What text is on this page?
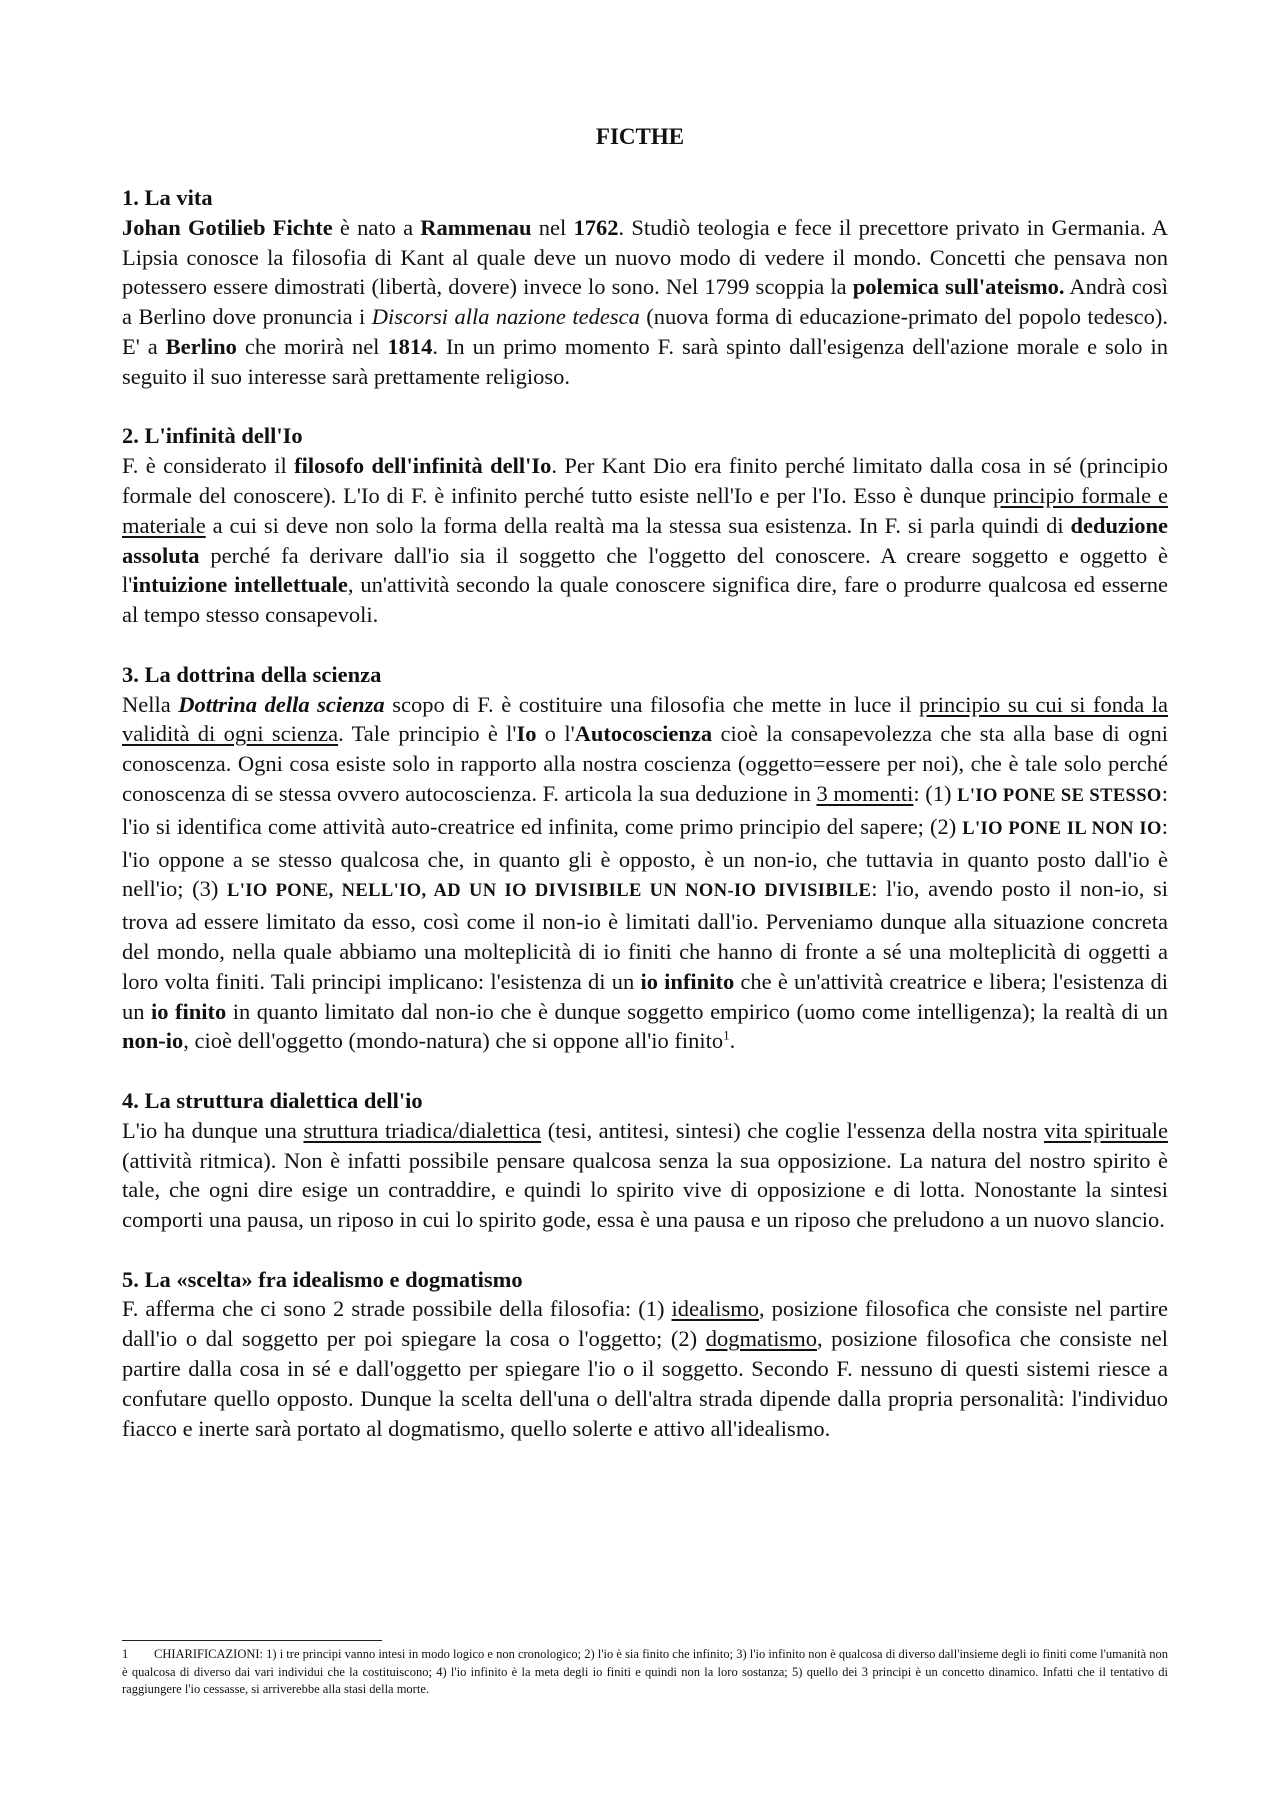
FICTHE
1. La vita

Johan Gotilieb Fichte è nato a Rammenau nel 1762. Studiò teologia e fece il precettore privato in Germania. A Lipsia conosce la filosofia di Kant al quale deve un nuovo modo di vedere il mondo. Concetti che pensava non potessero essere dimostrati (libertà, dovere) invece lo sono. Nel 1799 scoppia la polemica sull'ateismo. Andrà così a Berlino dove pronuncia i Discorsi alla nazione tedesca (nuova forma di educazione-primato del popolo tedesco). E' a Berlino che morirà nel 1814. In un primo momento F. sarà spinto dall'esigenza dell'azione morale e solo in seguito il suo interesse sarà prettamente religioso.

2. L'infinità dell'Io

F. è considerato il filosofo dell'infinità dell'Io. Per Kant Dio era finito perché limitato dalla cosa in sé (principio formale del conoscere). L'Io di F. è infinito perché tutto esiste nell'Io e per l'Io. Esso è dunque principio formale e materiale a cui si deve non solo la forma della realtà ma la stessa sua esistenza. In F. si parla quindi di deduzione assoluta perché fa derivare dall'io sia il soggetto che l'oggetto del conoscere. A creare soggetto e oggetto è l'intuizione intellettuale, un'attività secondo la quale conoscere significa dire, fare o produrre qualcosa ed esserne al tempo stesso consapevoli.

3. La dottrina della scienza

Nella Dottrina della scienza scopo di F. è costituire una filosofia che mette in luce il principio su cui si fonda la validità di ogni scienza. Tale principio è l'Io o l'Autocoscienza cioè la consapevolezza che sta alla base di ogni conoscenza. Ogni cosa esiste solo in rapporto alla nostra coscienza (oggetto=essere per noi), che è tale solo perché conoscenza di se stessa ovvero autocoscienza. F. articola la sua deduzione in 3 momenti: (1) L'IO PONE SE STESSO: l'io si identifica come attività auto-creatrice ed infinita, come primo principio del sapere; (2) L'IO PONE IL NON IO: l'io oppone a se stesso qualcosa che, in quanto gli è opposto, è un non-io, che tuttavia in quanto posto dall'io è nell'io; (3) L'IO PONE, NELL'IO, AD UN IO DIVISIBILE UN NON-IO DIVISIBILE: l'io, avendo posto il non-io, si trova ad essere limitato da esso, così come il non-io è limitati dall'io. Perveniamo dunque alla situazione concreta del mondo, nella quale abbiamo una molteplicità di io finiti che hanno di fronte a sé una molteplicità di oggetti a loro volta finiti. Tali principi implicano: l'esistenza di un io infinito che è un'attività creatrice e libera; l'esistenza di un io finito in quanto limitato dal non-io che è dunque soggetto empirico (uomo come intelligenza); la realtà di un non-io, cioè dell'oggetto (mondo-natura) che si oppone all'io finito$^1$.

4. La struttura dialettica dell'io

L'io ha dunque una struttura triadica/dialettica (tesi, antitesi, sintesi) che coglie l'essenza della nostra vita spirituale (attività ritmica). Non è infatti possibile pensare qualcosa senza la sua opposizione. La natura del nostro spirito è tale, che ogni dire esige un contraddire, e quindi lo spirito vive di opposizione e di lotta. Nonostante la sintesi comporti una pausa, un riposo in cui lo spirito gode, essa è una pausa e un riposo che preludono a un nuovo slancio.

5. La «scelta» fra idealismo e dogmatismo

F. afferma che ci sono 2 strade possibile della filosofia: (1) idealismo, posizione filosofica che consiste nel partire dall'io o dal soggetto per poi spiegare la cosa o l'oggetto; (2) dogmatismo, posizione filosofica che consiste nel partire dalla cosa in sé e dall'oggetto per spiegare l'io o il soggetto. Secondo F. nessuno di questi sistemi riesce a confutare quello opposto. Dunque la scelta dell'una o dell'altra strada dipende dalla propria personalità: l'individuo fiacco e inerte sarà portato al dogmatismo, quello solerte e attivo all'idealismo.

1 CHIARIFICAZIONI: 1) i tre principi vanno intesi in modo logico e non cronologico; 2) l'io è sia finito che infinito; 3) l'io infinito non è qualcosa di diverso dall'insieme degli io finiti come l'umanità non è qualcosa di diverso dai vari individui che la costituiscono; 4) l'io infinito è la meta degli io finiti e quindi non la loro sostanza; 5) quello dei 3 principi è un concetto dinamico. Infatti che il tentativo di raggiungere l'io cessasse, si arriverebbe alla stasi della morte.
